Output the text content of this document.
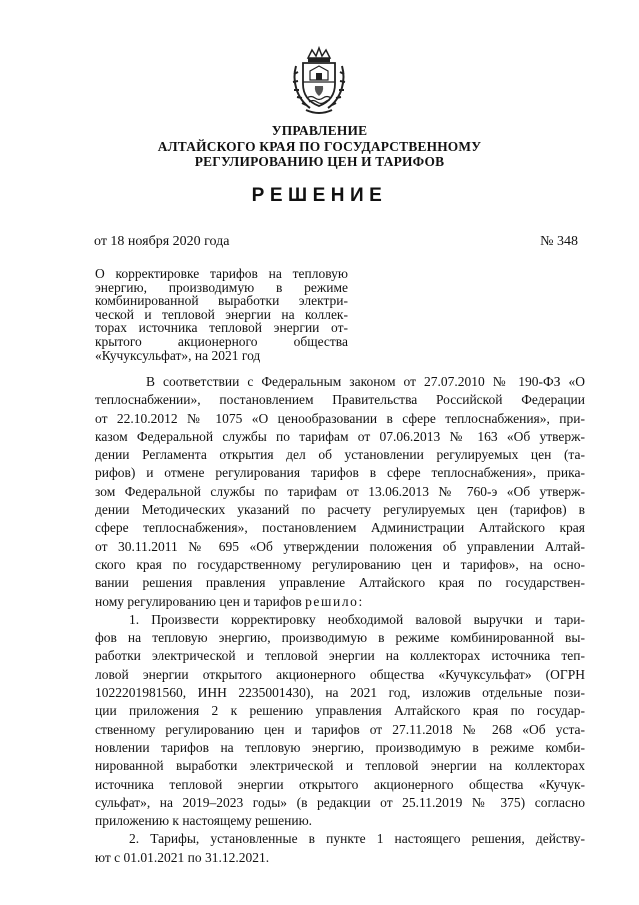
УПРАВЛЕНИЕ
АЛТАЙСКОГО КРАЯ ПО ГОСУДАРСТВЕННОМУ
РЕГУЛИРОВАНИЮ ЦЕН И ТАРИФОВ
РЕШЕНИЕ
от 18 ноября 2020 года	№ 348
О корректировке тарифов на тепловую
энергию, производимую в режиме
комбинированной выработки электри-
ческой и тепловой энергии на коллек-
торах источника тепловой энергии от-
крытого акционерного общества
«Кучуксульфат», на 2021 год
В соответствии с Федеральным законом от 27.07.2010 № 190-ФЗ «О
теплоснабжении», постановлением Правительства Российской Федерации
от 22.10.2012 № 1075 «О ценообразовании в сфере теплоснабжения», при-
казом Федеральной службы по тарифам от 07.06.2013 № 163 «Об утверж-
дении Регламента открытия дел об установлении регулируемых цен (та-
рифов) и отмене регулирования тарифов в сфере теплоснабжения», прика-
зом Федеральной службы по тарифам от 13.06.2013 № 760-э «Об утверж-
дении Методических указаний по расчету регулируемых цен (тарифов) в
сфере теплоснабжения», постановлением Администрации Алтайского края
от 30.11.2011 № 695 «Об утверждении положения об управлении Алтай-
ского края по государственному регулированию цен и тарифов», на осно-
вании решения правления управление Алтайского края по государствен-
ному регулированию цен и тарифов решило:
1. Произвести корректировку необходимой валовой выручки и тари-
фов на тепловую энергию, производимую в режиме комбинированной вы-
работки электрической и тепловой энергии на коллекторах источника теп-
ловой энергии открытого акционерного общества «Кучуксульфат» (ОГРН
1022201981560, ИНН 2235001430), на 2021 год, изложив отдельные пози-
ции приложения 2 к решению управления Алтайского края по государ-
ственному регулированию цен и тарифов от 27.11.2018 № 268 «Об уста-
новлении тарифов на тепловую энергию, производимую в режиме комби-
нированной выработки электрической и тепловой энергии на коллекторах
источника тепловой энергии открытого акционерного общества «Кучук-
сульфат», на 2019–2023 годы» (в редакции от 25.11.2019 № 375) согласно
приложению к настоящему решению.
2. Тарифы, установленные в пункте 1 настоящего решения, действу-
ют с 01.01.2021 по 31.12.2021.
